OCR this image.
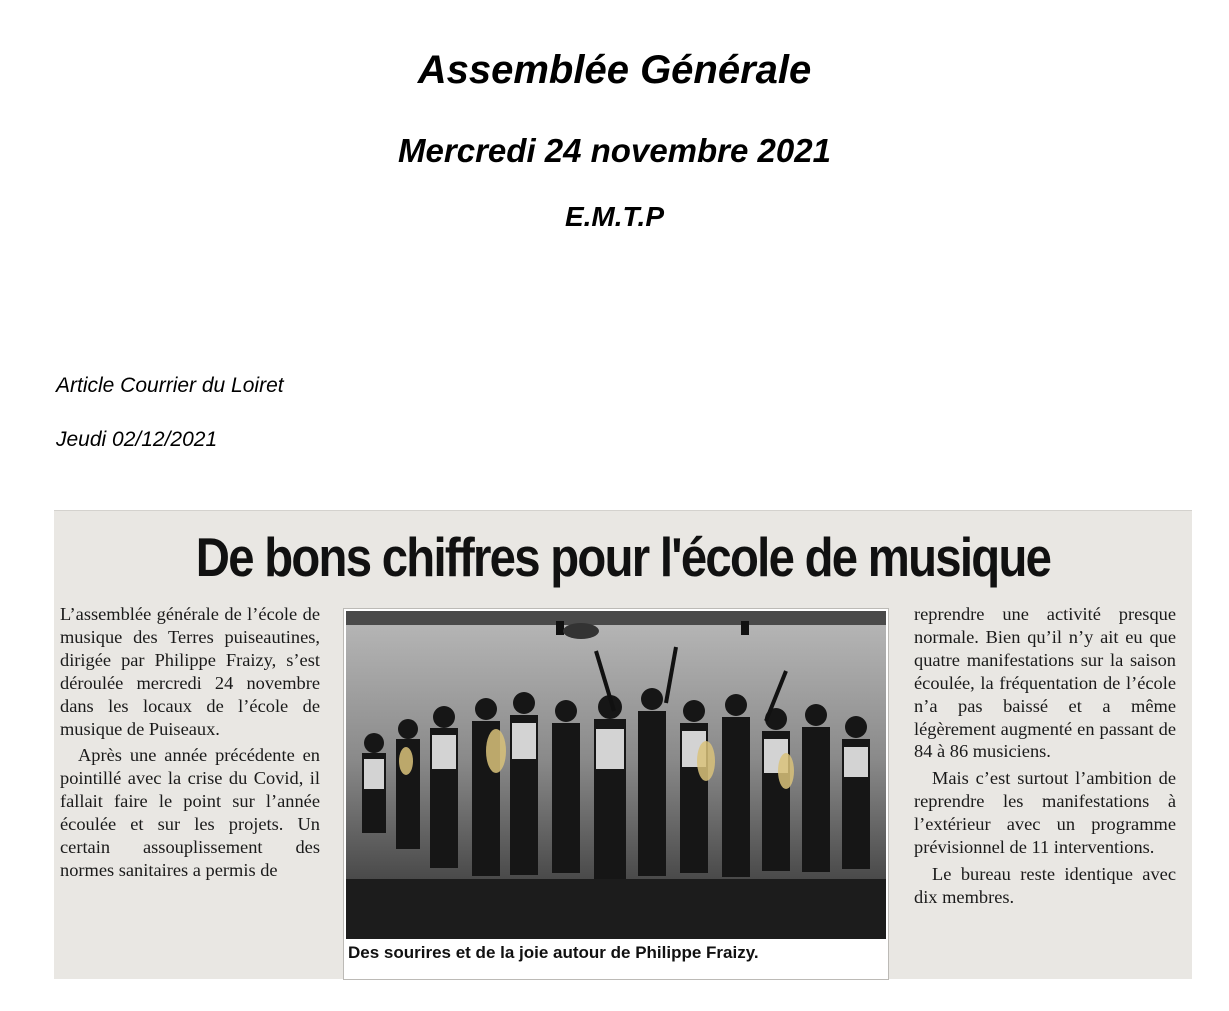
Assemblée Générale
Mercredi 24 novembre 2021
E.M.T.P
Article Courrier du Loiret
Jeudi 02/12/2021
De bons chiffres pour l'école de musique

L’assemblée générale de l’école de musique des Terres puiseautines, dirigée par Philippe Fraizy, s’est déroulée mercredi 24 novembre dans les locaux de l’école de musique de Puiseaux.

Après une année précédente en pointillé avec la crise du Covid, il fallait faire le point sur l’année écoulée et sur les projets. Un certain assouplissement des normes sanitaires a permis de

Des sourires et de la joie autour de Philippe Fraizy.

reprendre une activité presque normale. Bien qu’il n’y ait eu que quatre manifestations sur la saison écoulée, la fréquentation de l’école n’a pas baissé et a même légèrement augmenté en passant de 84 à 86 musiciens.

Mais c’est surtout l’ambition de reprendre les manifestations à l’extérieur avec un programme prévisionnel de 11 interventions.

Le bureau reste identique avec dix membres.
